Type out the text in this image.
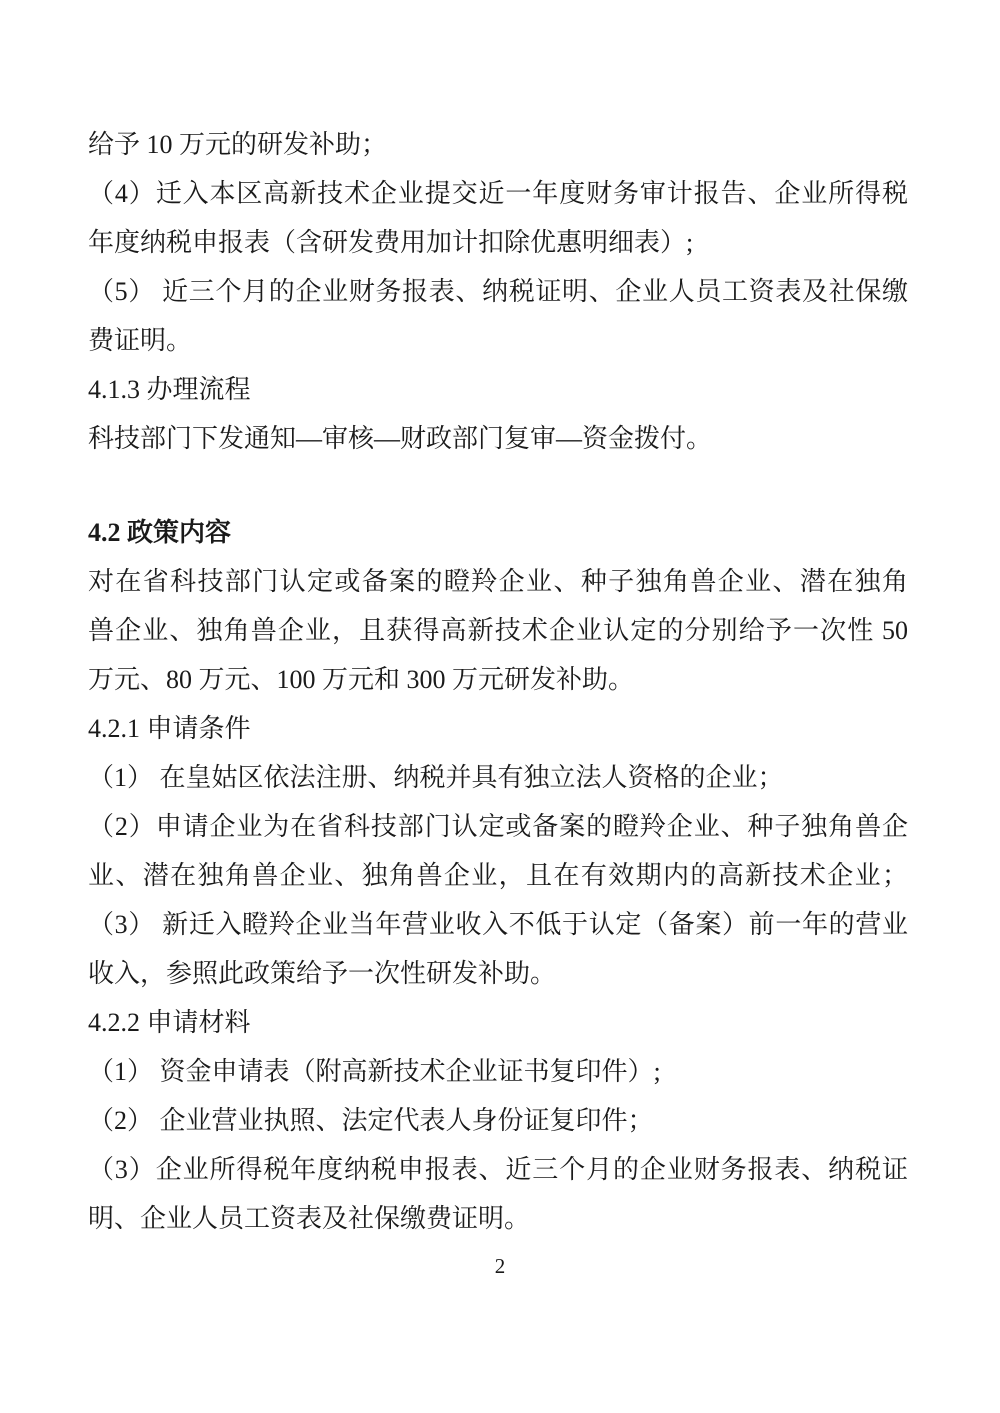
给予 10 万元的研发补助；
（4）迁入本区高新技术企业提交近一年度财务审计报告、企业所得税
年度纳税申报表（含研发费用加计扣除优惠明细表）;
（5） 近三个月的企业财务报表、纳税证明、企业人员工资表及社保缴
费证明。
4.1.3 办理流程
科技部门下发通知—审核—财政部门复审—资金拨付。
4.2 政策内容
对在省科技部门认定或备案的瞪羚企业、种子独角兽企业、潜在独角
兽企业、独角兽企业，且获得高新技术企业认定的分别给予一次性 50
万元、80 万元、100 万元和 300 万元研发补助。
4.2.1 申请条件
（1） 在皇姑区依法注册、纳税并具有独立法人资格的企业；
（2）申请企业为在省科技部门认定或备案的瞪羚企业、种子独角兽企
业、潜在独角兽企业、独角兽企业，且在有效期内的高新技术企业；
（3） 新迁入瞪羚企业当年营业收入不低于认定（备案）前一年的营业
收入，参照此政策给予一次性研发补助。
4.2.2 申请材料
（1） 资金申请表（附高新技术企业证书复印件）;
（2） 企业营业执照、法定代表人身份证复印件；
（3）企业所得税年度纳税申报表、近三个月的企业财务报表、纳税证
明、企业人员工资表及社保缴费证明。
2
